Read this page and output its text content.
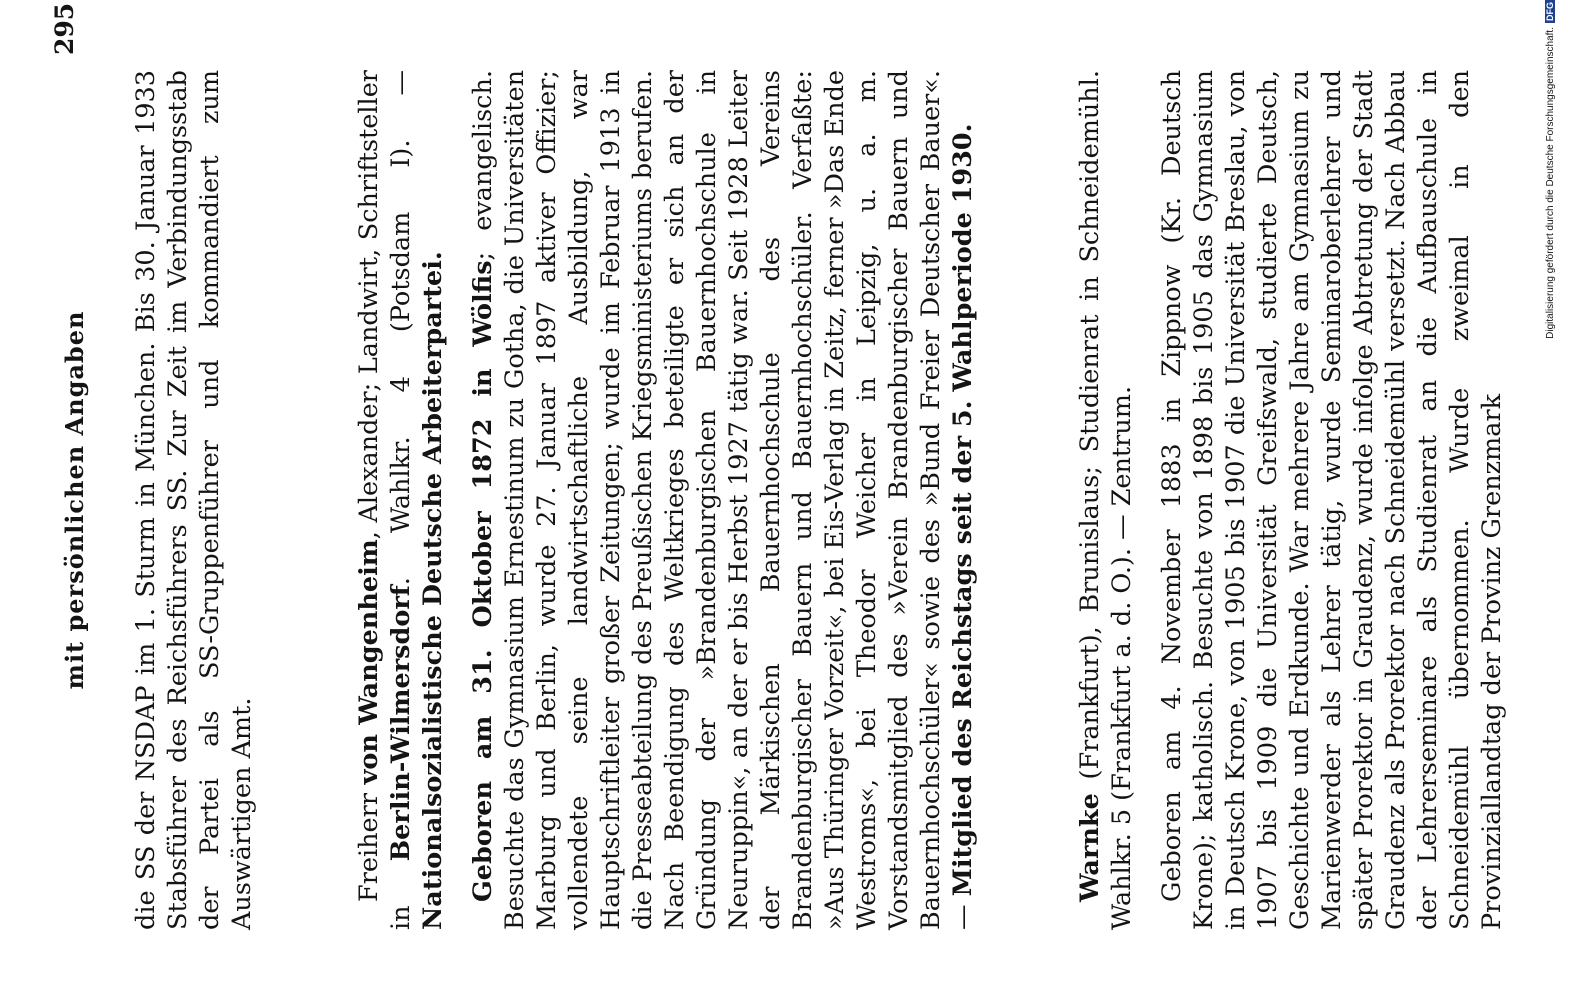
295
mit persönlichen Angaben die SS der NSDAP im 1. Sturm in München. Bis 30. Januar 1933 Stabsführer des Reichsführers SS. Zur Zeit im Verbindungsstab der Partei als SS-Gruppenführer und kommandiert zum Auswärtigen Amt.	Freiherr von Wangenheim, Alexander; Landwirt, Schriftsteller in Berlin-Wilmersdorf. Wahlkr. 4 (Potsdam I). — Nationalsozialistische Deutsche Arbeiterpartei. Geboren am 31. Oktober 1872 in Wölfis; evangelisch. Besuchte das Gymnasium Ernestinum zu Gotha, die Universitäten Marburg und Berlin, wurde 27. Januar 1897 aktiver Offizier; vollendete seine landwirtschaftliche Ausbildung, war Hauptschriftleiter großer Zeitungen; wurde im Februar 1913 in die Presseabteilung des Preußischen Kriegsministeriums berufen. Nach Beendigung des Weltkrieges beteiligte er sich an der Gründung der »Brandenburgischen Bauernhochschule in Neuruppin«, an der er bis Herbst 1927 tätig war. Seit 1928 Leiter der Märkischen Bauernhochschule des Vereins Brandenburgischer Bauern und Bauernhochschüler. Verfaßte: »Aus Thüringer Vorzeit«, bei Eis-Verlag in Zeitz, ferner »Das Ende Westroms«, bei Theodor Weicher in Leipzig, u. a. m. Vorstandsmitglied des »Verein Brandenburgischer Bauern und Bauernhochschüler« sowie des »Bund Freier Deutscher Bauer«. — Mitglied des Reichstags seit der 5. Wahlperiode 1930.	Warnke (Frankfurt), Brunislaus; Studienrat in Schneidemühl. Wahlkr. 5 (Frankfurt a. d. O.). — Zentrum. Geboren am 4. November 1883 in Zippnow (Kr. Deutsch Krone); katholisch. Besuchte von 1898 bis 1905 das Gymnasium in Deutsch Krone, von 1905 bis 1907 die Universität Breslau, von 1907 bis 1909 die Universität Greifswald, studierte Deutsch, Geschichte und Erdkunde. War mehrere Jahre am Gymnasium zu Marienwerder als Lehrer tätig, wurde Seminaroberlehrer und später Prorektor in Graudenz, wurde infolge Abtretung der Stadt Graudenz als Prorektor nach Schneidemühl versetzt. Nach Abbau der Lehrerseminare als Studienrat an die Aufbauschule in Schneidemühl übernommen. Wurde zweimal in den Provinziallandtag der Provinz Grenzmark

Digitalisierung gefördert durch die Deutsche Forschungsgemeinschaft.DFG
